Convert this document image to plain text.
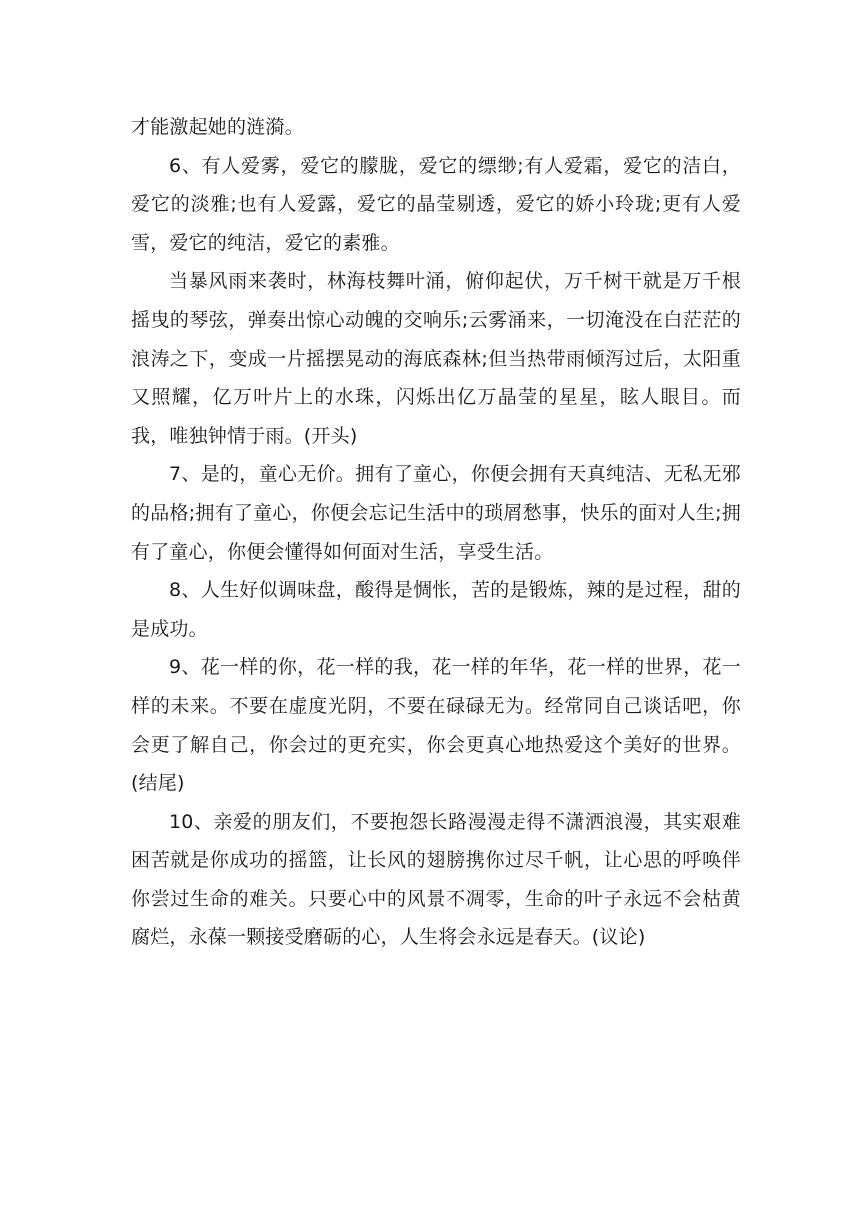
才能激起她的涟漪。

6、有人爱雾，爱它的朦胧，爱它的缥缈;有人爱霜，爱它的洁白，爱它的淡雅;也有人爱露，爱它的晶莹剔透，爱它的娇小玲珑;更有人爱雪，爱它的纯洁，爱它的素雅。

当暴风雨来袭时，林海枝舞叶涌，俯仰起伏，万千树干就是万千根摇曳的琴弦，弹奏出惊心动魄的交响乐;云雾涌来，一切淹没在白茫茫的浪涛之下，变成一片摇摆晃动的海底森林;但当热带雨倾泻过后，太阳重又照耀，亿万叶片上的水珠，闪烁出亿万晶莹的星星，眩人眼目。而我，唯独钟情于雨。(开头)

7、是的，童心无价。拥有了童心，你便会拥有天真纯洁、无私无邪的品格;拥有了童心，你便会忘记生活中的琐屑愁事，快乐的面对人生;拥有了童心，你便会懂得如何面对生活，享受生活。

8、人生好似调味盘，酸得是惆怅，苦的是锻炼，辣的是过程，甜的是成功。

9、花一样的你，花一样的我，花一样的年华，花一样的世界，花一样的未来。不要在虚度光阴，不要在碌碌无为。经常同自己谈话吧，你会更了解自己，你会过的更充实，你会更真心地热爱这个美好的世界。(结尾)

10、亲爱的朋友们，不要抱怨长路漫漫走得不潇洒浪漫，其实艰难困苦就是你成功的摇篮，让长风的翅膀携你过尽千帆，让心思的呼唤伴你尝过生命的难关。只要心中的风景不凋零，生命的叶子永远不会枯黄腐烂，永葆一颗接受磨砺的心，人生将会永远是春天。(议论)
